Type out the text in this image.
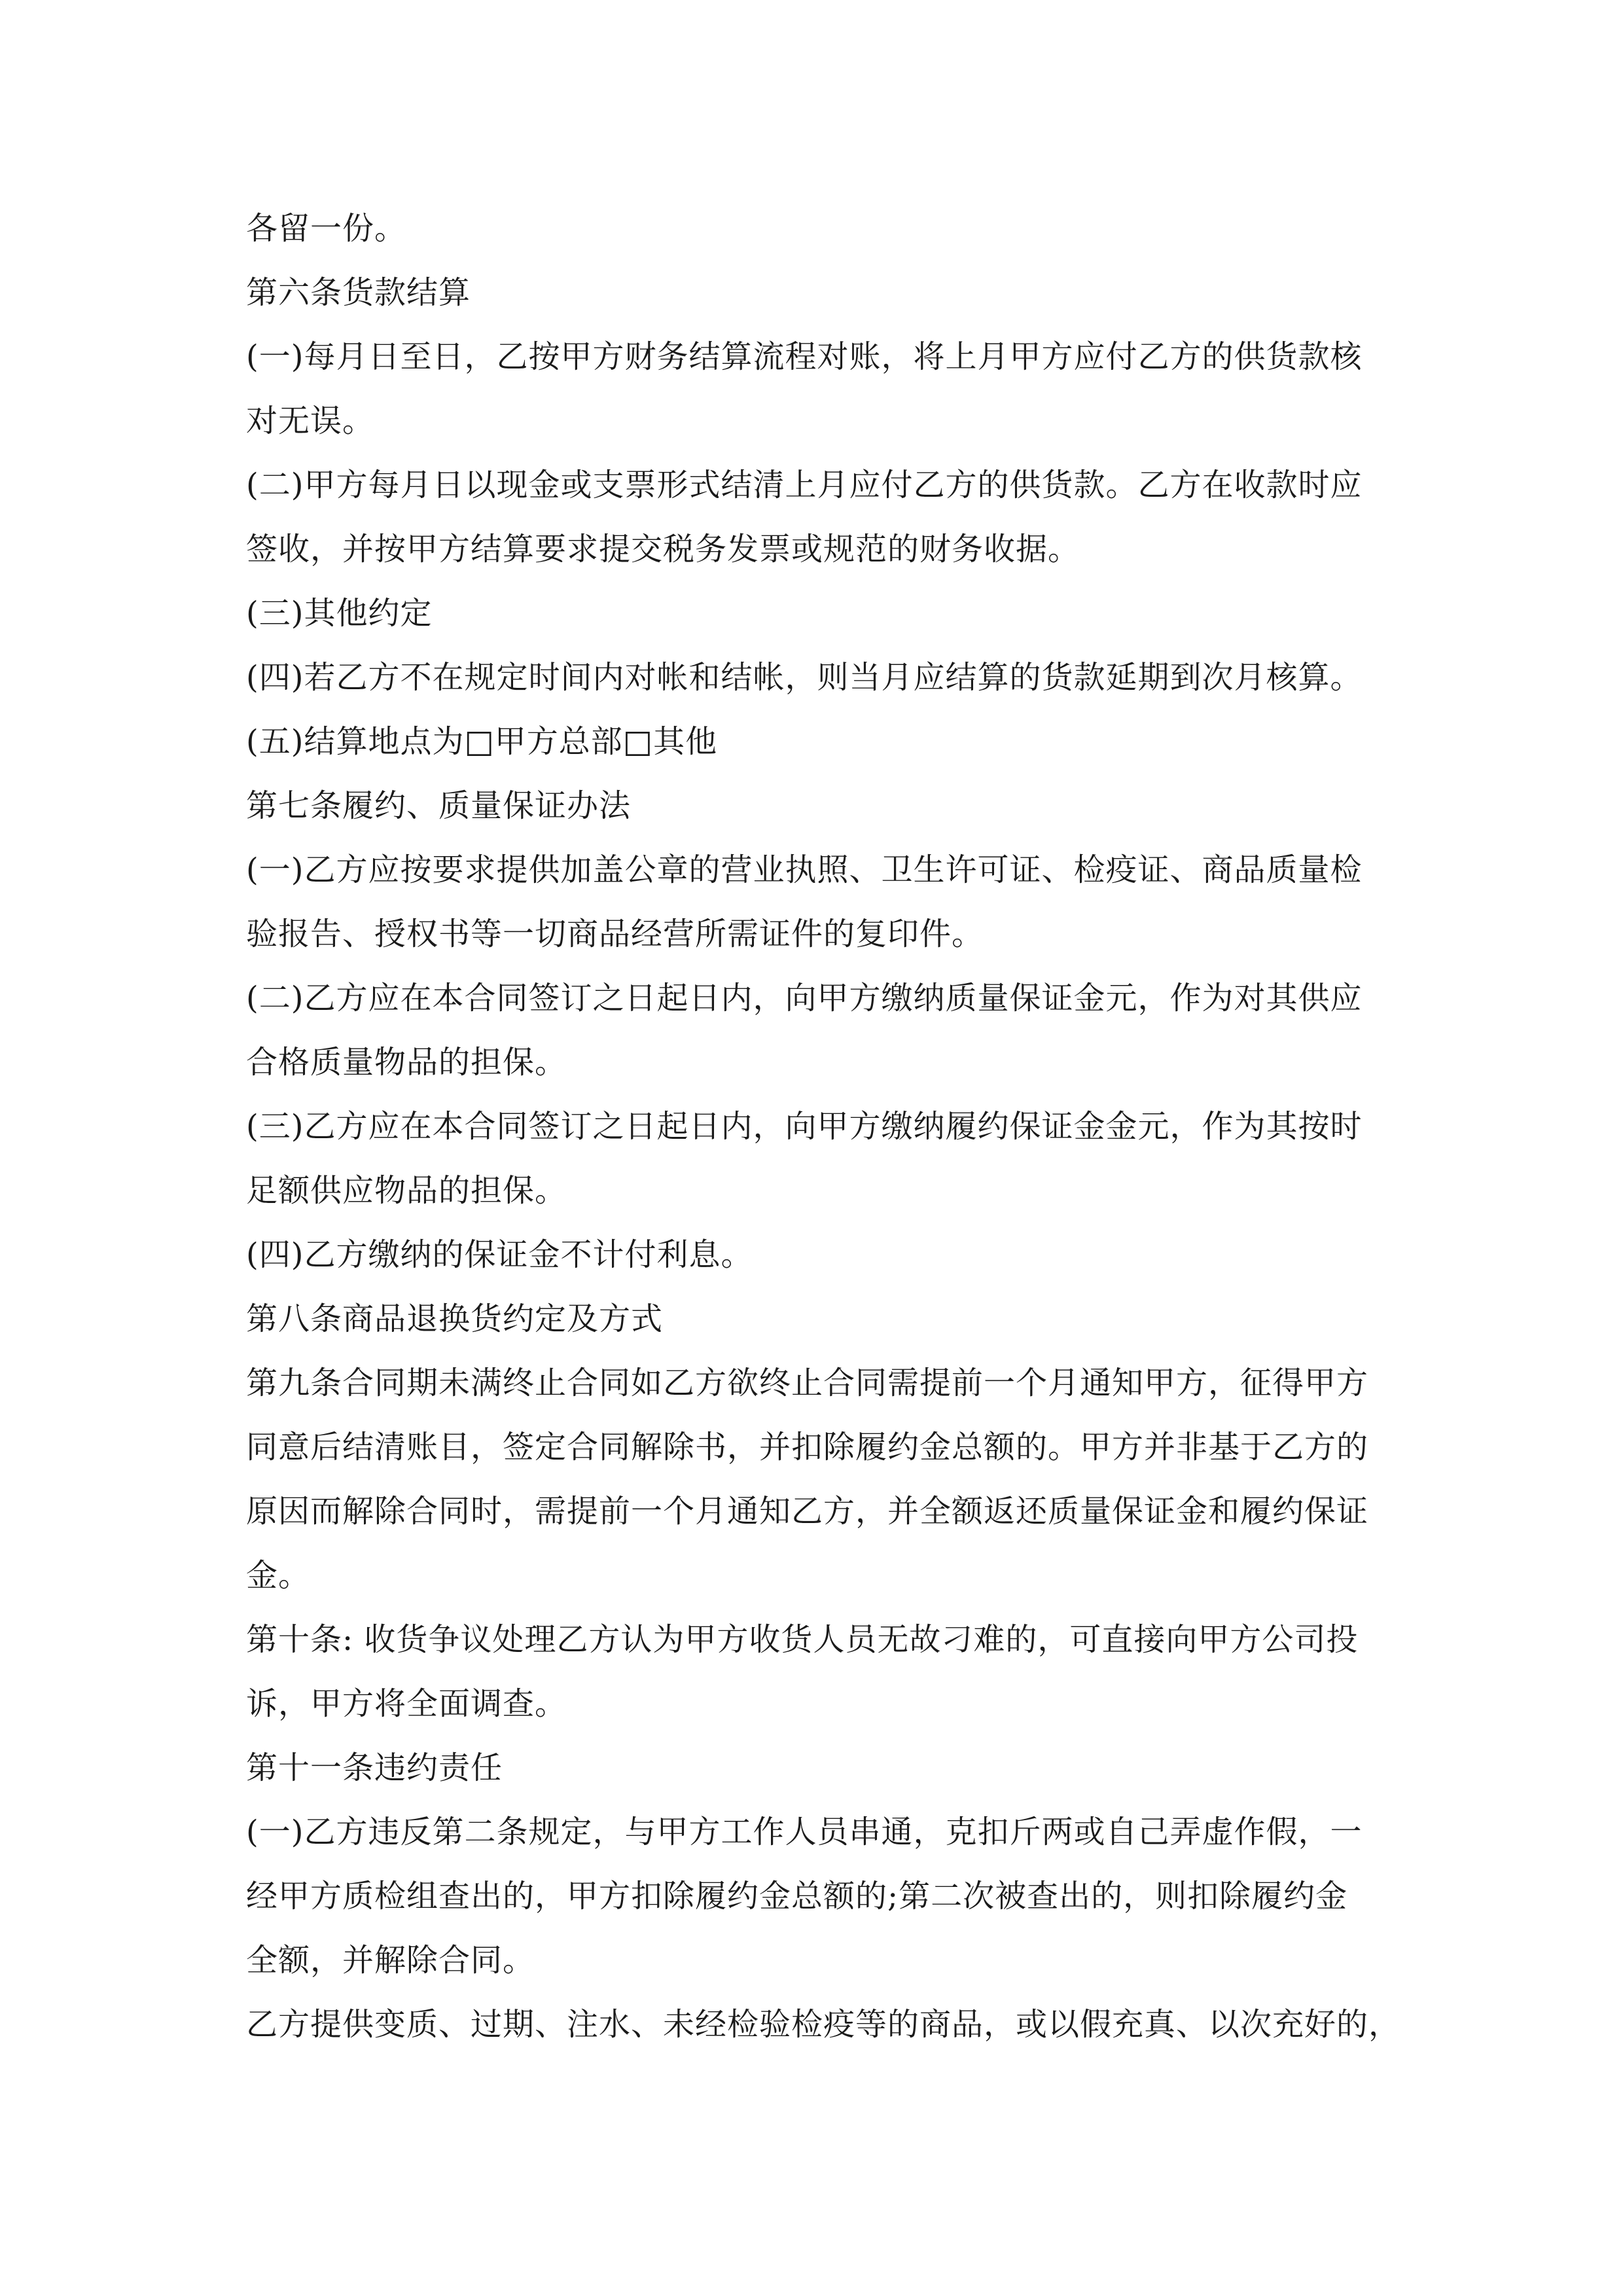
各留一份。
第六条货款结算
(一)每月日至日，乙按甲方财务结算流程对账，将上月甲方应付乙方的供货款核
对无误。
(二)甲方每月日以现金或支票形式结清上月应付乙方的供货款。乙方在收款时应
签收，并按甲方结算要求提交税务发票或规范的财务收据。
(三)其他约定
(四)若乙方不在规定时间内对帐和结帐，则当月应结算的货款延期到次月核算。
(五)结算地点为□甲方总部□其他
第七条履约、质量保证办法
(一)乙方应按要求提供加盖公章的营业执照、卫生许可证、检疫证、商品质量检
验报告、授权书等一切商品经营所需证件的复印件。
(二)乙方应在本合同签订之日起日内，向甲方缴纳质量保证金元，作为对其供应
合格质量物品的担保。
(三)乙方应在本合同签订之日起日内，向甲方缴纳履约保证金金元，作为其按时
足额供应物品的担保。
(四)乙方缴纳的保证金不计付利息。
第八条商品退换货约定及方式
第九条合同期未满终止合同如乙方欲终止合同需提前一个月通知甲方，征得甲方
同意后结清账目，签定合同解除书，并扣除履约金总额的。甲方并非基于乙方的
原因而解除合同时，需提前一个月通知乙方，并全额返还质量保证金和履约保证
金。
第十条: 收货争议处理乙方认为甲方收货人员无故刁难的，可直接向甲方公司投
诉，甲方将全面调查。
第十一条违约责任
(一)乙方违反第二条规定，与甲方工作人员串通，克扣斤两或自己弄虚作假，一
经甲方质检组查出的，甲方扣除履约金总额的;第二次被查出的，则扣除履约金
全额，并解除合同。
乙方提供变质、过期、注水、未经检验检疫等的商品，或以假充真、以次充好的，
